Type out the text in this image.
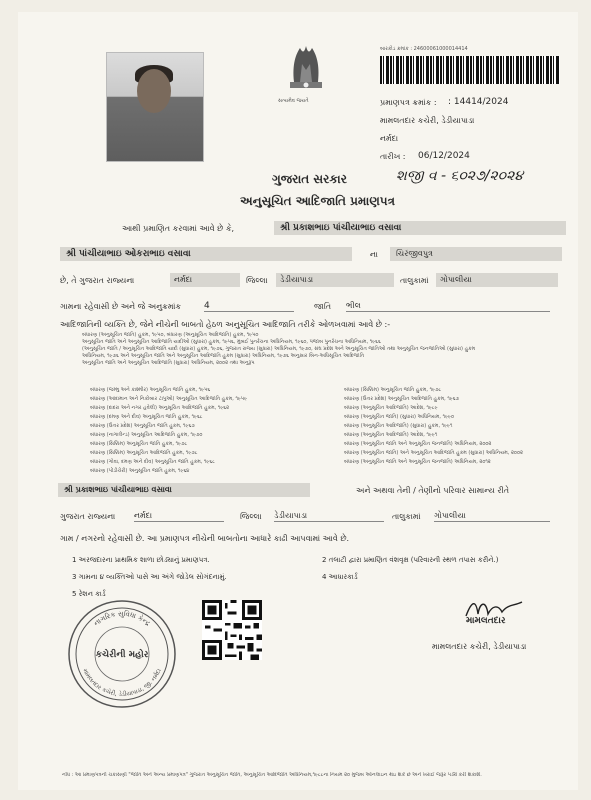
સત્યમેવ જયતે
બારકોડ ક્રમાંક : 24600061000014414
પ્રમાણપત્ર ક્રમાંક : : 14414/2024
મામલતદાર કચેરી, ડેડીયાપાડા
નર્મદા
તારીખ : 06/12/2024
શજી વ - ૬૦૨૭/૨૦૨૪
ગુજરાત સરકાર
અનુસૂચિત આદિજાતિ પ્રમાણપત્ર
આથી પ્રમાણિત કરવામાં આવે છે કે,	શ્રી પ્રકાશભાઇ પાંચીયાભાઇ વસાવા
શ્રી પાંચીયાભાઇ ઓકરાભાઇ વસાવા	ના	ચિરંજીવપુત્ર
છે, તે ગુજરાત રાજ્યના	નર્મદા	જિલ્લા	ડેડીયાપાડા	તાલુકામાં	ગોપાલીયા
ગામના રહેવાસી છે અને જે અનુક્રમાંક	4	જાતિ ભીલ
આદિજાતિની વ્યક્તિ છે, જેને નીચેની બાબતો હેઠળ અનુસૂચિત આદિજાતિ તરીકે ઓળખવામાં આવે છે :-
બંધારણ (અનુસૂચિત જાતિ) હુકમ, ૧૯૫૦, બંધારણ (અનુસૂચિત આદિજાતિ) હુકમ, ૧૯૫૦
અનુસૂચિત જાતિ અને અનુસૂચિત આદિજાતિ યાદીઓ (સુધારા) હુકમ, ૧૯૫૬, મુંબઈ પુનર્રચના અધિનિયમ, ૧૯૬૦, પંજાબ પુનર્રચના અધિનિયમ, ૧૯૬૬
(અનુસૂચિત જાતિ / અનુસૂચિત આદિજાતિ યાદી (સુધારા) હુકમ, ૧૯૭૬, ગુજરાત રાજ્ય (સુધારા) અધિનિયમ, ૧૯૭૦, સંઘ પ્રદેશ અને અનુસૂચિત જાતિઓ તથા અનુસૂચિત જનજાતિઓ (સુધારા) હુકમ
અધિનિયમ, ૧૯૭૬ અને અનુસૂચિત જાતિ અને અનુસૂચિત આદિજાતિ હુકમ (સુધારા) અધિનિયમ, ૧૯૭૬ અનુસાર બિન-અધિસૂચિત આદિજાતિ
અનુસૂચિત જાતિ અને અનુસૂચિત આદિજાતિ (સુધારા) અધિનિયમ, ૨૦૦૨ તથા અનુરૂપ
બંધારણ (જમ્મુ અને કાશ્મીર) અનુસૂચિત જાતિ હુકમ, ૧૯૫૬
બંધારણ (આંદામાન અને નિકોબાર ટાપુઓ) અનુસૂચિત આદિજાતિ હુકમ, ૧૯૫૯
બંધારણ (દાદરા અને નગર હવેલી) અનુસૂચિત આદિજાતિ હુકમ, ૧૯૬૨
બંધારણ (દમણ અને દીવ) અનુસૂચિત જાતિ હુકમ, ૧૯૬૮
બંધારણ (ઉત્તર પ્રદેશ) અનુસૂચિત જાતિ હુકમ, ૧૯૬૭
બંધારણ (નાગાલેન્ડ) અનુસૂચિત આદિજાતિ હુકમ, ૧૯૭૦
બંધારણ (સિક્કિમ) અનુસૂચિત જાતિ હુકમ, ૧૯૭૮
બંધારણ (સિક્કિમ) અનુસૂચિત આદિજાતિ હુકમ, ૧૯૭૮
બંધારણ (ગોવા, દમણ અને દીવ) અનુસૂચિત જાતિ હુકમ, ૧૯૬૮
બંધારણ (પોંડીચેરી) અનુસૂચિત જાતિ હુકમ, ૧૯૬૪
બંધારણ (સિક્કિમ) અનુસૂચિત જાતિ હુકમ, ૧૯૭૮
બંધારણ (ઉત્તર પ્રદેશ) અનુસૂચિત આદિજાતિ હુકમ, ૧૯૬૭
બંધારણ (અનુસૂચિત આદિજાતિ) આદેશ, ૧૯૮૯
બંધારણ (અનુસૂચિત જાતિ) (સુધારા) અધિનિયમ, ૧૯૯૦
બંધારણ (અનુસૂચિત આદિજાતિ) (સુધારા) હુકમ, ૧૯૯૧
બંધારણ (અનુસૂચિત આદિજાતિ) આદેશ, ૧૯૯૧
બંધારણ (અનુસૂચિત જાતિ અને અનુસૂચિત જનજાતિ) અધિનિયમ, ૨૦૦૨
બંધારણ (અનુસૂચિત જાતિ) અને અનુસૂચિત આદિજાતિ હુકમ (સુધારા) અધિનિયમ, ૨૦૦૨
બંધારણ (અનુસૂચિત જાતિ અને અનુસૂચિત જનજાતિ) અધિનિયમ, ૨૦૧૨
શ્રી પ્રકાશભાઇ પાંચીયાભાઇ વસાવા	અને અથવા તેની / તેણીનો પરિવાર સામાન્ય રીતે
ગુજરાત રાજ્યના નર્મદા	જિલ્લા ડેડીયાપાડા	તાલુકામાં ગોપાલીયા
ગામ / નગરનો રહેવાસી છે. આ પ્રમાણપત્ર નીચેની બાબતોના આધારે કાઢી આપવામાં આવે છે.
1 અરજદારના પ્રાથમિક શાળા છોડ્યાનું પ્રમાણપત્ર.	2 તલાટી દ્વારા પ્રમાણિત વંશવૃક્ષ (પરિવારની સ્થળ તપાસ કરીને.)
3 ગામના ૪ વ્યક્તિઓ પાસે આ અંગે જોડેલ સોગંદનામું.	4 આધારકાર્ડ
5 રેશન કાર્ડ
નાગરિક સુવિધા કેન્દ્ર
મામલતદાર કચેરી, ડેડીયાપાડા, જી. નર્મદા
કચેરીની મહોર
મામલતદાર
મામલતદાર કચેરી, ડેડીયાપાડા
નોંધ : આ પ્રમાણપત્રની ચકાસણી "જાતિ અને અન્ય પ્રમાણપત્ર" ગુજરાત અનુસૂચિત જાતિ, અનુસૂચિત આદિજાતિ અધિનિયમ,૧૯૮૮ના નિયમ ૨૦ મુજબ ઓનલાઇન થઇ શકે છે અને ખરાઈ જરૂર પડ્યે કરી શકાશે.
